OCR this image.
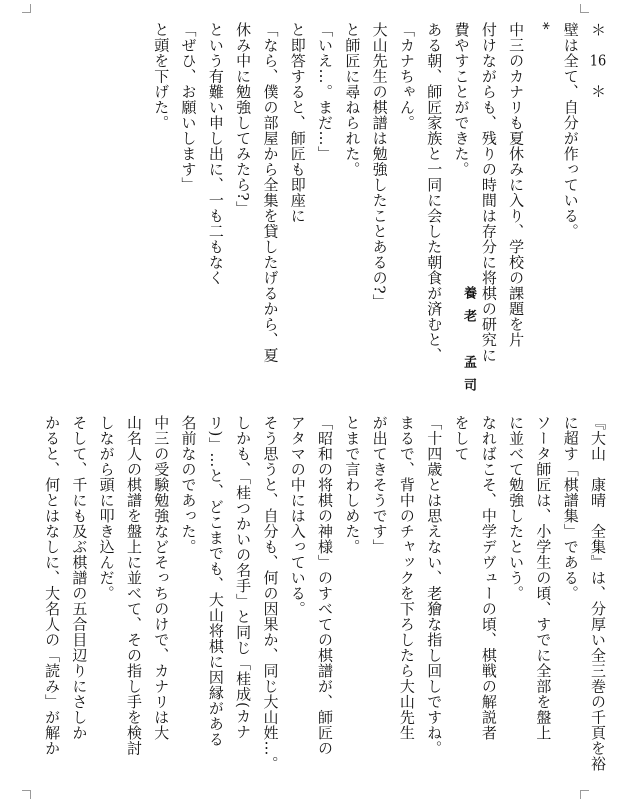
＊　16　＊

壁は全て、自分が作っている。

*

中三のカナリも夏休みに入り、学校の課題を片

付けながらも、残りの時間は存分に将棋の研究に

費やすことができた。

ある朝、師匠家族と一同に会した朝食が済むと、

「カナちゃん。

大山先生の棋譜は勉強したことあるの?」

と師匠に尋ねられた。

「いえ…。まだ…」

と即答すると、師匠も即座に

「なら、僕の部屋から全集を貸したげるから、夏

休み中に勉強してみたら?」

という有難い申し出に、一も二もなく

「ぜひ、お願いします」

と頭を下げた。

養老　孟司

『大山　康晴　全集』は、分厚い全三巻の千頁を裕

に超す「棋譜集」である。

ソータ師匠は、小学生の頃、すでに全部を盤上

に並べて勉強したという。

なればこそ、中学デヴューの頃、棋戦の解説者

をして

「十四歳とは思えない、老獪な指し回しですね。

まるで、背中のチャックを下ろしたら大山先生

が出てきそうです」

とまで言わしめた。

「昭和の将棋の神様」のすべての棋譜が、師匠の

アタマの中には入っている。

そう思うと、自分も、何の因果か、同じ大山姓…。

しかも、「桂つかいの名手」と同じ「桂成(カナ

リ)」…と、どこまでも、大山将棋に因縁がある

名前なのであった。

中三の受験勉強などそっちのけで、カナリは大

山名人の棋譜を盤上に並べて、その指し手を検討

しながら頭に叩き込んだ。

そして、千にも及ぶ棋譜の五合目辺りにさしか

かると、何とはなしに、大名人の「読み」が解か
